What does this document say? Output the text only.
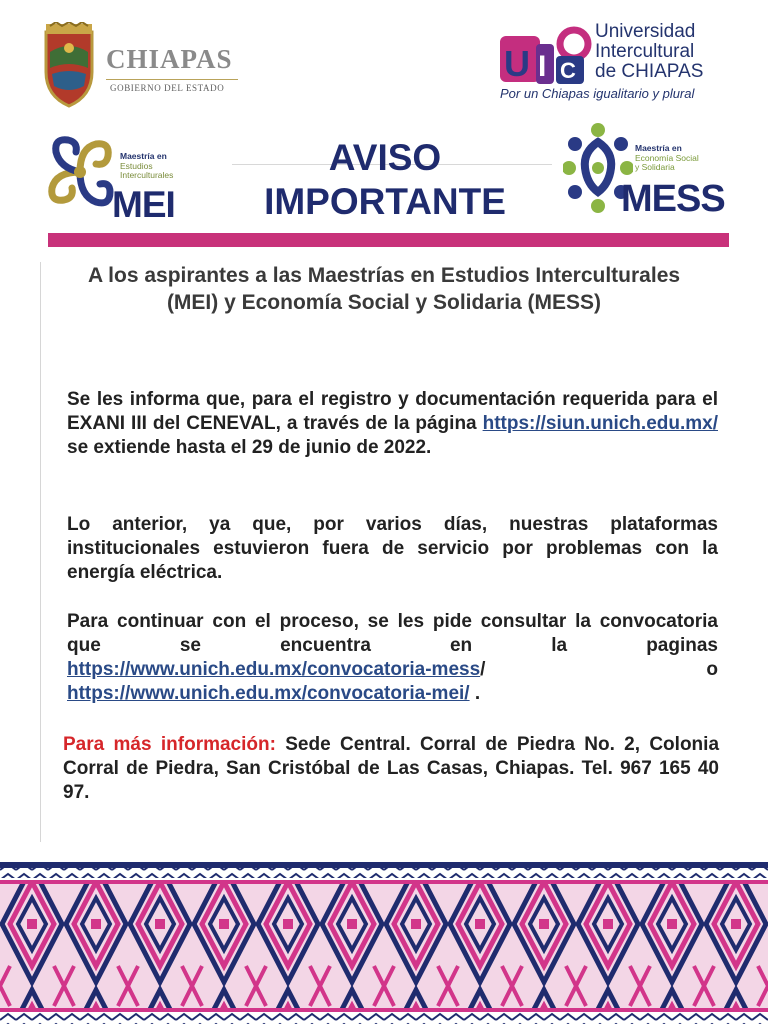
CHIAPAS
GOBIERNO DEL ESTADO
U I C
Universidad
Intercultural
de CHIAPAS
Por un Chiapas igualitario y plural
Maestría en
Estudios
Interculturales
MEI
AVISO
IMPORTANTE
Maestría en
Economía Social
y Solidaria
MESS
A los aspirantes a las Maestrías en Estudios Interculturales (MEI) y Economía Social y Solidaria (MESS)
Se les informa que, para el registro y documentación requerida para el EXANI III del CENEVAL, a través de la página https://siun.unich.edu.mx/ se extiende hasta el 29 de junio de 2022.
Lo anterior, ya que, por varios días, nuestras plataformas institucionales estuvieron fuera de servicio por problemas con la energía eléctrica.
Para continuar con el proceso, se les pide consultar la convocatoria que se encuentra en la paginas https://www.unich.edu.mx/convocatoria-mess/ o https://www.unich.edu.mx/convocatoria-mei/ .
Para más información: Sede Central. Corral de Piedra No. 2, Colonia Corral de Piedra, San Cristóbal de Las Casas, Chiapas. Tel. 967 165 40 97.
